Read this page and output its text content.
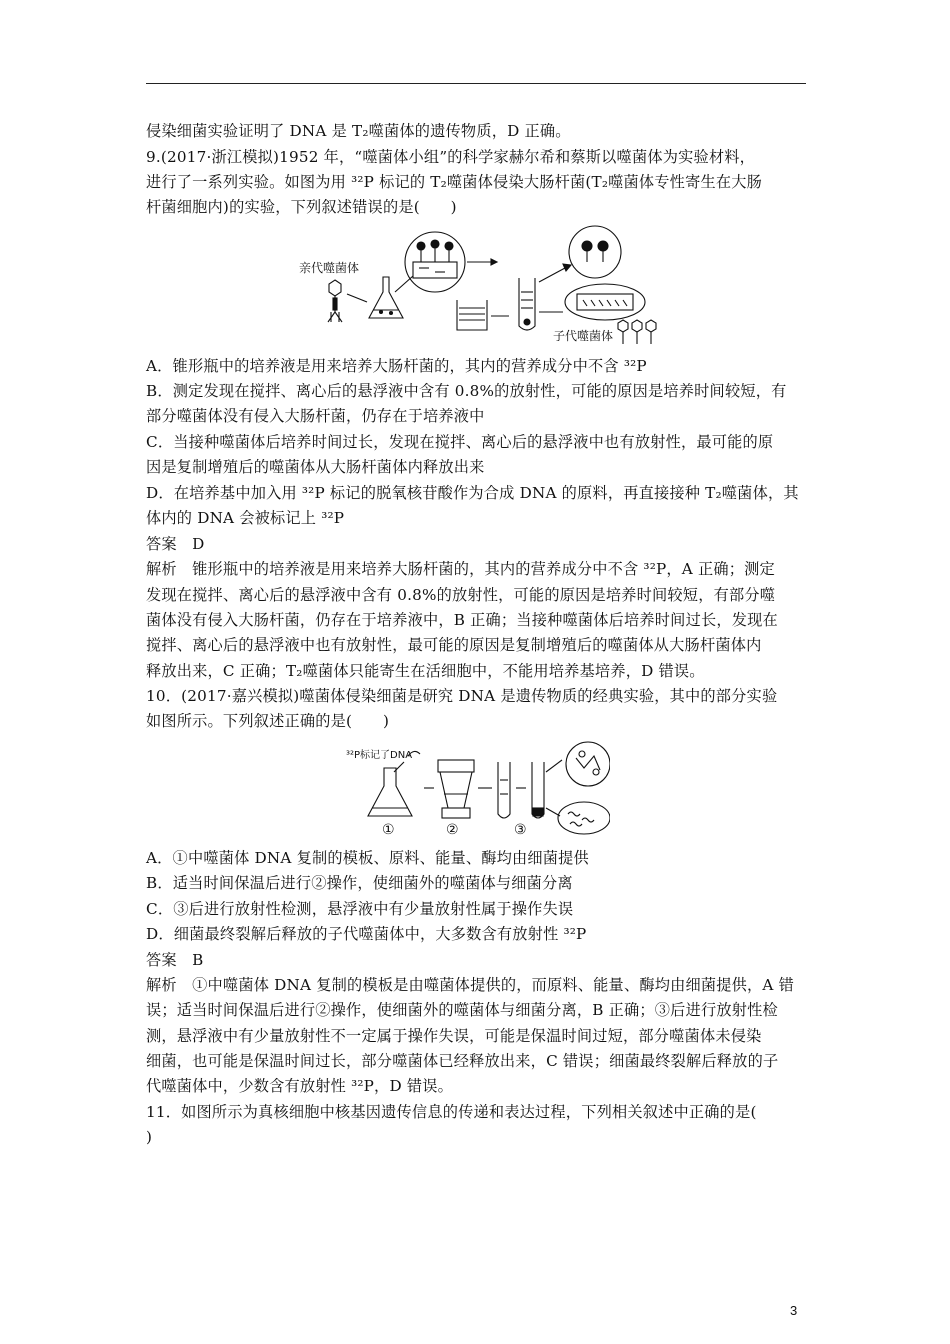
侵染细菌实验证明了 DNA 是 T₂噬菌体的遗传物质，D 正确。
9.(2017·浙江模拟)1952 年，“噬菌体小组”的科学家赫尔希和蔡斯以噬菌体为实验材料，
进行了一系列实验。如图为用 ³²P 标记的 T₂噬菌体侵染大肠杆菌(T₂噬菌体专性寄生在大肠
杆菌细胞内)的实验，下列叙述错误的是(　　)
亲代噬菌体
子代噬菌体
A．锥形瓶中的培养液是用来培养大肠杆菌的，其内的营养成分中不含 ³²P
B．测定发现在搅拌、离心后的悬浮液中含有 0.8%的放射性，可能的原因是培养时间较短，有
部分噬菌体没有侵入大肠杆菌，仍存在于培养液中
C．当接种噬菌体后培养时间过长，发现在搅拌、离心后的悬浮液中也有放射性，最可能的原
因是复制增殖后的噬菌体从大肠杆菌体内释放出来
D．在培养基中加入用 ³²P 标记的脱氧核苷酸作为合成 DNA 的原料，再直接接种 T₂噬菌体，其
体内的 DNA 会被标记上 ³²P
答案　D
解析　锥形瓶中的培养液是用来培养大肠杆菌的，其内的营养成分中不含 ³²P，A 正确；测定
发现在搅拌、离心后的悬浮液中含有 0.8%的放射性，可能的原因是培养时间较短，有部分噬
菌体没有侵入大肠杆菌，仍存在于培养液中，B 正确；当接种噬菌体后培养时间过长，发现在
搅拌、离心后的悬浮液中也有放射性，最可能的原因是复制增殖后的噬菌体从大肠杆菌体内
释放出来，C 正确；T₂噬菌体只能寄生在活细胞中，不能用培养基培养，D 错误。
10．(2017·嘉兴模拟)噬菌体侵染细菌是研究 DNA 是遗传物质的经典实验，其中的部分实验
如图所示。下列叙述正确的是(　　)
³²P标记了DNA
①	②	③
A．①中噬菌体 DNA 复制的模板、原料、能量、酶均由细菌提供
B．适当时间保温后进行②操作，使细菌外的噬菌体与细菌分离
C．③后进行放射性检测，悬浮液中有少量放射性属于操作失误
D．细菌最终裂解后释放的子代噬菌体中，大多数含有放射性 ³²P
答案　B
解析　①中噬菌体 DNA 复制的模板是由噬菌体提供的，而原料、能量、酶均由细菌提供，A 错
误；适当时间保温后进行②操作，使细菌外的噬菌体与细菌分离，B 正确；③后进行放射性检
测，悬浮液中有少量放射性不一定属于操作失误，可能是保温时间过短，部分噬菌体未侵染
细菌，也可能是保温时间过长，部分噬菌体已经释放出来，C 错误；细菌最终裂解后释放的子
代噬菌体中，少数含有放射性 ³²P，D 错误。
11．如图所示为真核细胞中核基因遗传信息的传递和表达过程，下列相关叙述中正确的是(
)
3
